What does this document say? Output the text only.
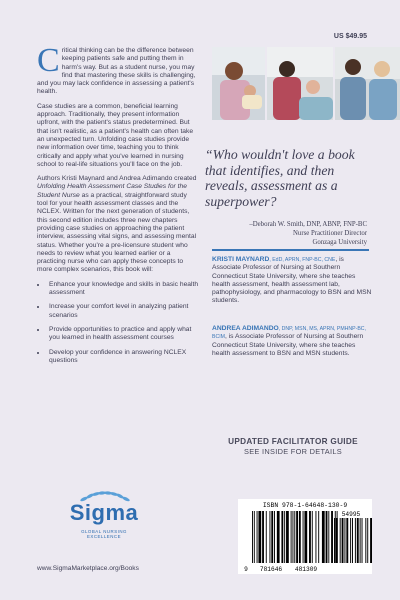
Critical thinking can be the difference between keeping patients safe and putting them in harm's way. But as a student nurse, you may find that mastering these skills is challenging, and you may lack confidence in assessing a patient's health.

Case studies are a common, beneficial learning approach. Traditionally, they present information upfront, with the patient's status predetermined. But that isn't realistic, as a patient's health can often take an unexpected turn. Unfolding case studies provide new information over time, teaching you to think critically and apply what you've learned in nursing school to real-life situations you'll face on the job.

Authors Kristi Maynard and Andrea Adimando created Unfolding Health Assessment Case Studies for the Student Nurse as a practical, straightforward study tool for your health assessment classes and the NCLEX. Written for the next generation of students, this second edition includes three new chapters providing case studies on approaching the patient interview, assessing vital signs, and assessing mental status. Whether you're a pre-licensure student who needs to review what you learned earlier or a practicing nurse who can apply these concepts to more complex scenarios, this book will:

• Enhance your knowledge and skills in basic health assessment
• Increase your comfort level in analyzing patient scenarios
• Provide opportunities to practice and apply what you learned in health assessment courses
• Develop your confidence in answering NCLEX questions
Sigma
GLOBAL NURSING
EXCELLENCE
www.SigmaMarketplace.org/Books
US $49.95
“Who wouldn't love a book that identifies, and then reveals, assessment as a superpower?
–Deborah W. Smith, DNP, ABNP, FNP-BC
Nurse Practitioner Director
Gonzaga University
KRISTI MAYNARD, EdD, APRN, FNP-BC, CNE, is Associate Professor of Nursing at Southern Connecticut State University, where she teaches health assessment, health assessment lab, pathophysiology, and pharmacology to BSN and MSN students.
ANDREA ADIMANDO, DNP, MSN, MS, APRN, PMHNP-BC, BCIM, is Associate Professor of Nursing at Southern Connecticut State University, where she teaches health assessment to BSN and MSN students.
UPDATED FACILITATOR GUIDE
SEE INSIDE FOR DETAILS
ISBN 978-1-64648-130-9
54995
9 781646 481309
